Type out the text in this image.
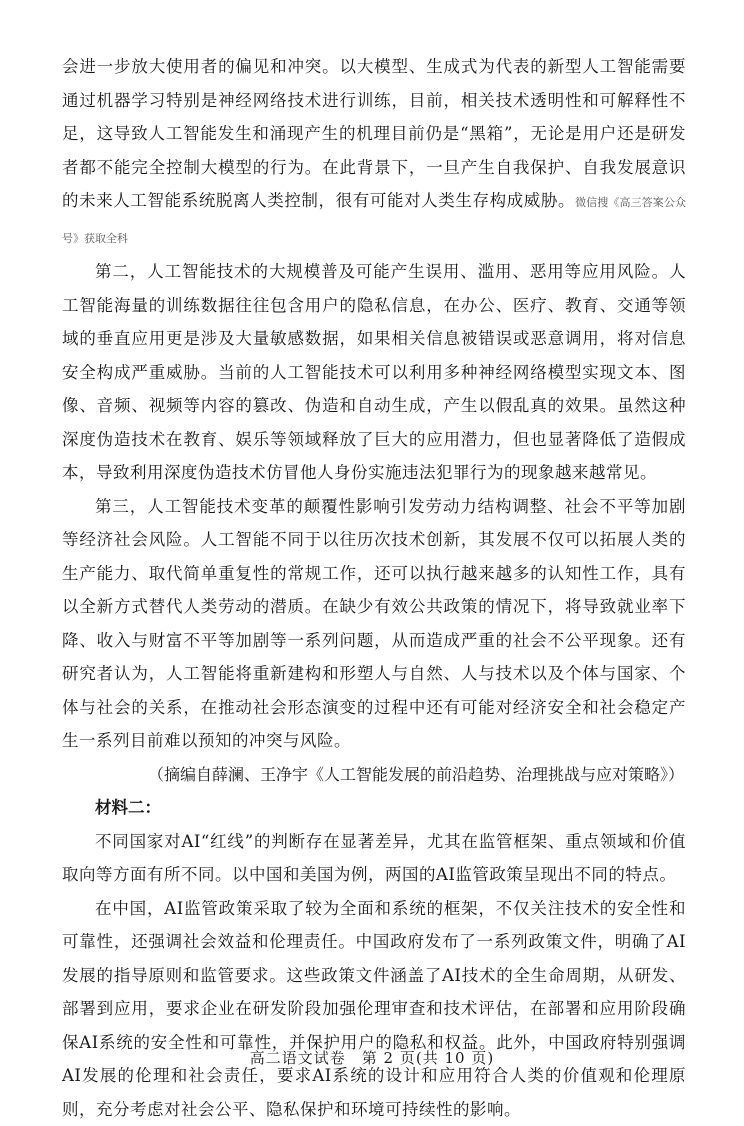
会进一步放大使用者的偏见和冲突。以大模型、生成式为代表的新型人工智能需要通过机器学习特别是神经网络技术进行训练，目前，相关技术透明性和可解释性不足，这导致人工智能发生和涌现产生的机理目前仍是“黑箱”，无论是用户还是研发者都不能完全控制大模型的行为。在此背景下，一旦产生自我保护、自我发展意识的未来人工智能系统脱离人类控制，很有可能对人类生存构成威胁。微信搜《高三答案公众号》获取全科

第二，人工智能技术的大规模普及可能产生误用、滥用、恶用等应用风险。人工智能海量的训练数据往往包含用户的隐私信息，在办公、医疗、教育、交通等领域的垂直应用更是涉及大量敏感数据，如果相关信息被错误或恶意调用，将对信息安全构成严重威胁。当前的人工智能技术可以利用多种神经网络模型实现文本、图像、音频、视频等内容的篡改、伪造和自动生成，产生以假乱真的效果。虽然这种深度伪造技术在教育、娱乐等领域释放了巨大的应用潜力，但也显著降低了造假成本，导致利用深度伪造技术仿冒他人身份实施违法犯罪行为的现象越来越常见。

第三，人工智能技术变革的颠覆性影响引发劳动力结构调整、社会不平等加剧等经济社会风险。人工智能不同于以往历次技术创新，其发展不仅可以拓展人类的生产能力、取代简单重复性的常规工作，还可以执行越来越多的认知性工作，具有以全新方式替代人类劳动的潜质。在缺少有效公共政策的情况下，将导致就业率下降、收入与财富不平等加剧等一系列问题，从而造成严重的社会不公平现象。还有研究者认为，人工智能将重新建构和形塑人与自然、人与技术以及个体与国家、个体与社会的关系，在推动社会形态演变的过程中还有可能对经济安全和社会稳定产生一系列目前难以预知的冲突与风险。

（摘编自薛澜、王净宇《人工智能发展的前沿趋势、治理挑战与应对策略》）

材料二：

不同国家对AI“红线”的判断存在显著差异，尤其在监管框架、重点领域和价值取向等方面有所不同。以中国和美国为例，两国的AI监管政策呈现出不同的特点。

在中国，AI监管政策采取了较为全面和系统的框架，不仅关注技术的安全性和可靠性，还强调社会效益和伦理责任。中国政府发布了一系列政策文件，明确了AI发展的指导原则和监管要求。这些政策文件涵盖了AI技术的全生命周期，从研发、部署到应用，要求企业在研发阶段加强伦理审查和技术评估，在部署和应用阶段确保AI系统的安全性和可靠性，并保护用户的隐私和权益。此外，中国政府特别强调AI发展的伦理和社会责任，要求AI系统的设计和应用符合人类的价值观和伦理原则，充分考虑对社会公平、隐私保护和环境可持续性的影响。

高二语文试卷　第 2 页(共 10 页)
